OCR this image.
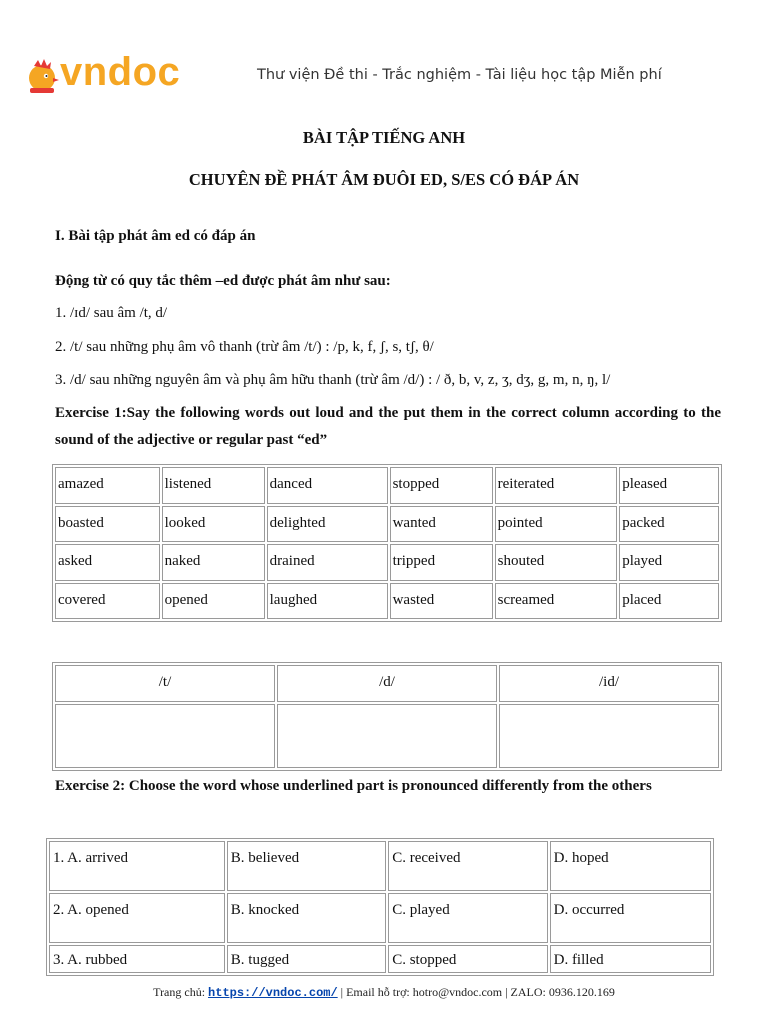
vndoc	Thư viện Đề thi - Trắc nghiệm - Tài liệu học tập Miễn phí
BÀI TẬP TIẾNG ANH
CHUYÊN ĐỀ PHÁT ÂM ĐUÔI ED, S/ES CÓ ĐÁP ÁN
I. Bài tập phát âm ed có đáp án
Động từ có quy tắc thêm –ed được phát âm như sau:
1. /ɪd/ sau âm /t, d/
2. /t/ sau những phụ âm vô thanh (trừ âm /t/) : /p, k, f, ʃ, s, tʃ, θ/
3. /d/ sau những nguyên âm và phụ âm hữu thanh (trừ âm /d/) : / ð, b, v, z, ʒ, dʒ, g, m, n, ŋ, l/
Exercise 1:Say the following words out loud and the put them in the correct column according to the sound of the adjective or regular past “ed”
amazed	listened	danced	stopped	reiterated	pleased
boasted	looked	delighted	wanted	pointed	packed
asked	naked	drained	tripped	shouted	played
covered	opened	laughed	wasted	screamed	placed
/t/	/d/	/id/

Exercise 2: Choose the word whose underlined part is pronounced differently from the others
1. A. arrived	B. believed	C. received	D. hoped
2. A. opened	B. knocked	C. played	D. occurred
3. A. rubbed	B. tugged	C. stopped	D. filled
Trang chủ: https://vndoc.com/ | Email hỗ trợ: hotro@vndoc.com | ZALO: 0936.120.169
